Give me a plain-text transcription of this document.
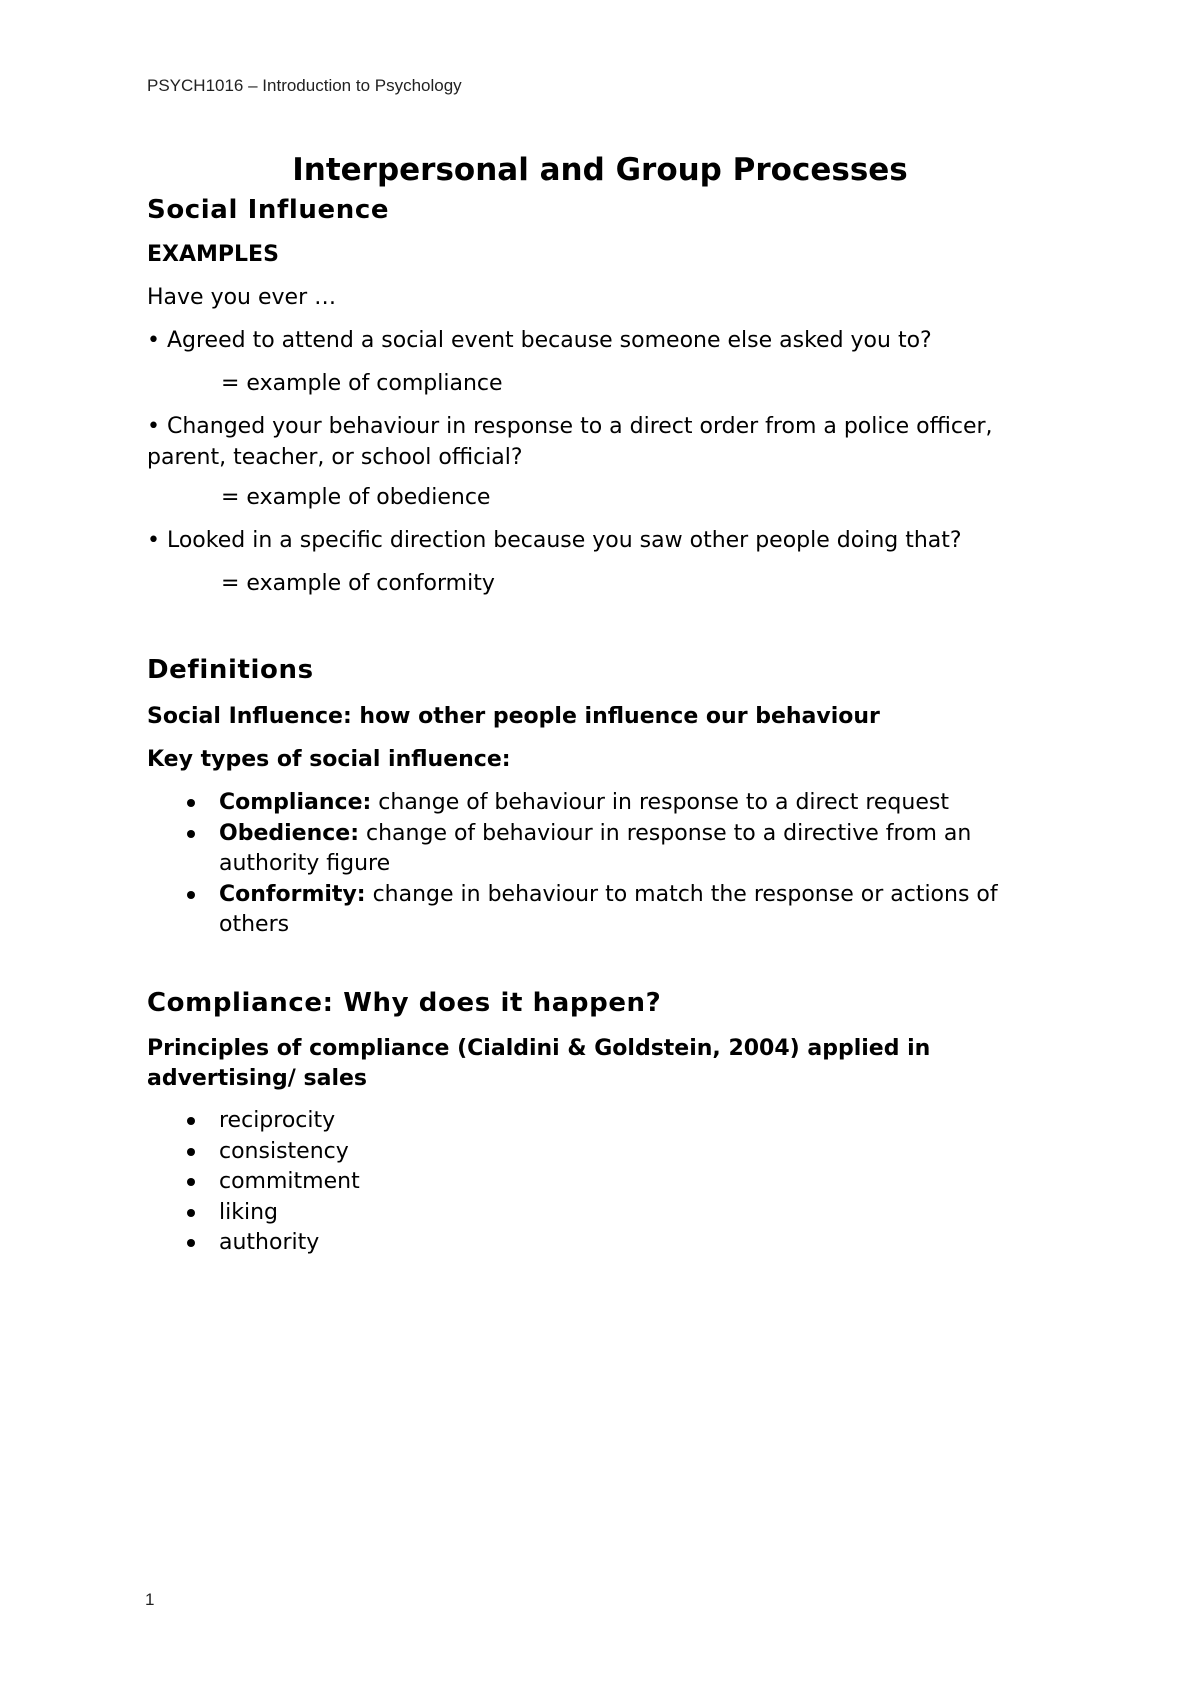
PSYCH1016 – Introduction to Psychology
Interpersonal and Group Processes
Social Influence
EXAMPLES

Have you ever …

• Agreed to attend a social event because someone else asked you to?

= example of compliance

• Changed your behaviour in response to a direct order from a police officer, parent, teacher, or school official?

= example of obedience

• Looked in a specific direction because you saw other people doing that?

= example of conformity

Definitions

Social Influence: how other people influence our behaviour

Key types of social influence:

Compliance: change of behaviour in response to a direct request
Obedience: change of behaviour in response to a directive from an authority figure
Conformity: change in behaviour to match the response or actions of others
Compliance: Why does it happen?

Principles of compliance (Cialdini & Goldstein, 2004) applied in advertising/ sales

reciprocity
consistency
commitment
liking
authority
1
